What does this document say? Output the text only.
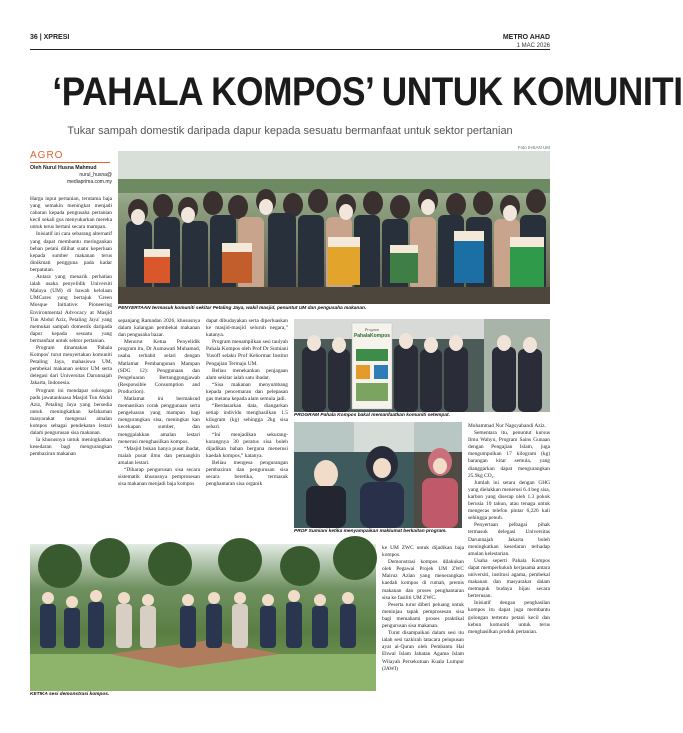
36 | XPRESI	METRO AHAD
1 MAC 2026
‘PAHALA KOMPOS’ UNTUK KOMUNITI
Tukar sampah domestik daripada dapur kepada sesuatu bermanfaat untuk sektor pertanian
AGRO
Oleh Nurul Husna Mahmud
nurul_husna@
mediaprima.com.my

Harga input pertanian, terutama baja yang semakin meningkat menjadi cabaran kepada pengusaha pertanian kecil sekali gus menyukarkan mereka untuk terus bertani secara mampan.

Inisiatif ini cara sebarang alternatif yang dapat membantu meringankan beban petani dilihat suatu keperluan kepada sumber makanan terus dinikmati pengguna pada kadar berpatutan.

Antara yang menarik perhatian ialah usaha penyelidik Universiti Malaya (UM) di bawah kelolaan UMCares yang bertajuk 'Green Mosque Initiative: Pioneering Environmental Advocacy at Masjid Tun Abdul Aziz, Petaling Jaya' yang memukat sampah domestik daripada dapur kepada sesuatu yang bermanfaat untuk sektor pertanian.

Program dinamakan 'Pahala Kompos' turut menyertakan komuniti Petaling Jaya, mahasiswa UM, pembekal makanan sektor UM serta delegasi dari Universitas Darunnajah Jakarta, Indonesia.

Program ini mendapat sokongan padu jawatankuasa Masjid Tun Abdul Aziz, Petaling Jaya yang bersedia untuk meningkatkan kefahaman masyarakat mengenai amalan kompos sebagai pendekatan lestari dalam pengurusan sisa makanan.

Ia khususnya untuk meningkatkan kesedaran bagi mengurangkan pembaziran makanan

Foto IHSAN UM
PENYERTAAN termasuk komuniti sekitar Petaling Jaya, wakil masjid, penuntut UM dan pengusaha makanan.

sepanjang Ramadan 2026, khususnya dalam kalangan pembekal makanan dan pengusaha bazar.

Menurut Ketua Penyelidik program itu, Dr Aumawati Muhamad, usaha terbabit selari dengan Matlamat Pembangunan Mampan (SDG 12): Penggunaan dan Pengeluaran Bertanggungjawab (Responsible Consumption and Production).

Matlamat ini bermaksud memastikan corak penggunaan serta pengeluaran yang mampan bagi mengurangkan sisa, meningkat kan kecekapan sumber, dan menggalakkan amalan lestari menerusi menghasilkan kompos.

“Masjid bukan hanya pusat ibadat, malah pusat ilmu dan pemangkin amalan lestari.

“Diharap pengurusan sisa secara sistematik khususnya pemprosesan sisa makanan menjadi baja kompos

dapat dibudayakan serta diperluaskan ke masjid-masjid seluruh negara,” katanya.

Program menampilkan sesi taulyah Pahala Kompos oleh Prof Dr Sumiani Yusoff selaku Prof Kehormat Institut Pengajian Termaju UM.

Beliau menekankan penjagaan alam sekitar ialah satu ibadat.

“Sisa makanan menyumbang kepada pencemaran dan pelepasan gas metana kepada alam semula jadi.

“Berdasarkan data, diangarkan setiap individu menghasilkan 1.5 kilogram (kg) sehingga 2kg sisa sehari.

“Ini menjadikan sekurang-kurangnya 30 peratus sisa boleh dijadikan bahan berguna menerusi kaedah kompos,” katanya.

Beliau mengesa pengurangan pembaziran dan pengurusan sisa secara beretika, termasuk penghantaran sisa organik

Program
PahalaKompos
PROGRAM Pahala Kompos bakal memanfaatkan komuniti setempat.
PROF Sumiani ketika menyampaikan maklumat berkaitan program.

Muhammad Nur Nagsyabandi Aziz.

Sementara itu, penuntut kursus Ilmu Wahyu, Program Sains Gunaan dengan Pengajian Islam, juga mengumpulkan 17 kilogram (kg) barangan kitar semula, yang dianggarkan dapat mengurangkan 25.9kg CO₂.

Jumlah ini setara dengan GHG yang dielakkan menerusi 6.4 beg sisa, karbon yang diserap oleh 1.3 pokok berusia 10 tahun, atau tenaga untuk mengecas telefon pintar 6,226 kali sehingga penuh.

Penyertaan pelbagai pihak termasuk delegasi Universitas Darunnajah Jakarta boleh meningkatkan kesedaran terhadap amalan kelestarian.

Usaha seperti Pahala Kompos dapat memperkukuh kerjasama antara universiti, institusi agama, pembekal makanan dan masyarakat dalam memupuk budaya hijau secara berterusan.

Inisiatif dengan penghasilan kompos itu dapat juga membantu golongan tertentu petani kecil dan kebun komuniti untuk terus menghasilkan produk pertanian.

KETIKA sesi demonstrasi kompos.

ke UM ZWC untuk dijadikan baja kompos.

Demonstrasi kompos dilakukan oleh Pegawai Projek UM ZWC Mairuz Azlan yang menerangkan kaedah kompos di rumah, premis makanan dan proses penghantaran sisa ke fasiliti UM ZWC.

Peserta turut diberi peluang untuk meninjau tapak pemprosesan sisa bagi memahami proses praktikal pengurusan sisa makanan.

Turut disampaikan dalam sesi itu ialah sesi tazkirah tatacara pelupusan ayat al-Quran oleh Pembantu Hal Ehwal Islam Jabatan Agama Islam Wilayah Persekutuan Kuala Lumpur (JAWI)
